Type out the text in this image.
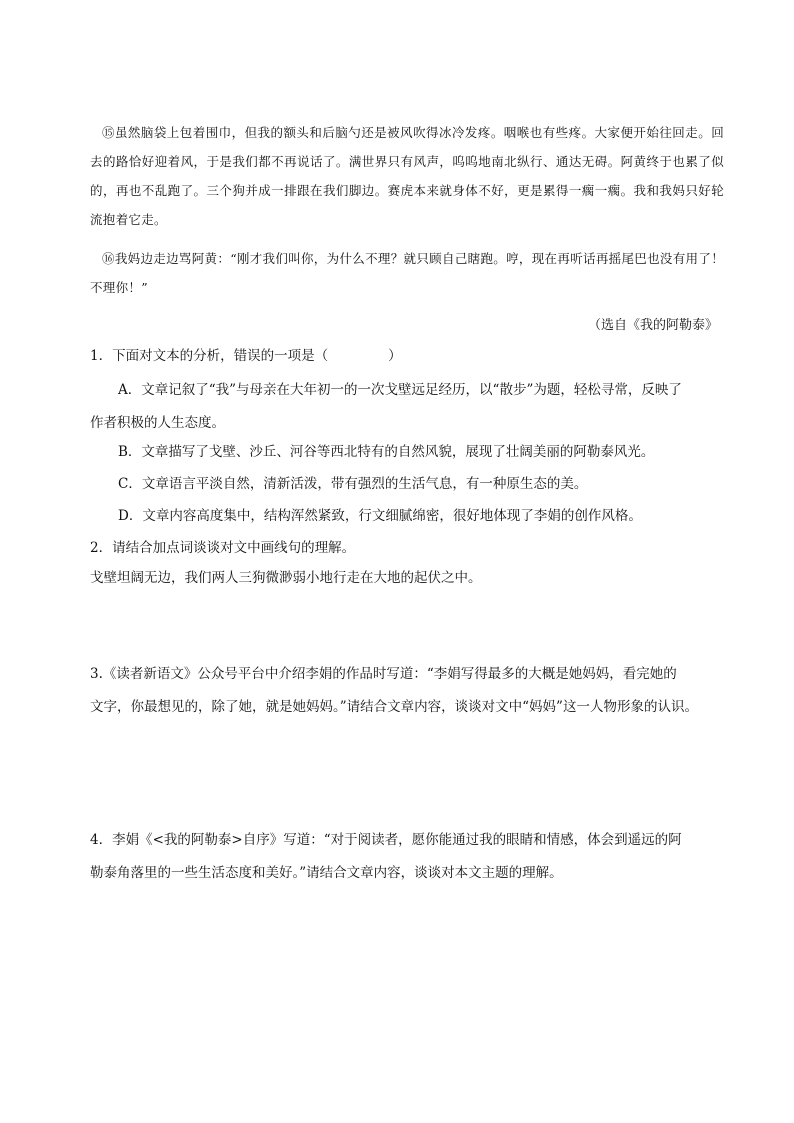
⑮虽然脑袋上包着围巾，但我的额头和后脑勺还是被风吹得冰冷发疼。咽喉也有些疼。大家便开始往回走。回去的路恰好迎着风，于是我们都不再说话了。满世界只有风声，呜呜地南北纵行、通达无碍。阿黄终于也累了似的，再也不乱跑了。三个狗并成一排跟在我们脚边。赛虎本来就身体不好，更是累得一瘸一瘸。我和我妈只好轮流抱着它走。
⑯我妈边走边骂阿黄：“刚才我们叫你，为什么不理？就只顾自己瞎跑。哼，现在再听话再摇尾巴也没有用了！不理你！”
（选自《我的阿勒泰》
1．下面对文本的分析，错误的一项是（	）
A．文章记叙了“我”与母亲在大年初一的一次戈壁远足经历，以“散步”为题，轻松寻常，反映了
作者积极的人生态度。
B．文章描写了戈壁、沙丘、河谷等西北特有的自然风貌，展现了壮阔美丽的阿勒泰风光。
C．文章语言平淡自然，清新活泼，带有强烈的生活气息，有一种原生态的美。
D．文章内容高度集中，结构浑然紧致，行文细腻绵密，很好地体现了李娟的创作风格。
2．请结合加点词谈谈对文中画线句的理解。
戈壁坦阔无边，我们两人三狗微渺弱小地行走在大地的起伏之中。
3.《读者新语文》公众号平台中介绍李娟的作品时写道：“李娟写得最多的大概是她妈妈，看完她的
文字，你最想见的，除了她，就是她妈妈。”请结合文章内容，谈谈对文中“妈妈”这一人物形象的认识。
4．李娟《<我的阿勒泰>自序》写道：“对于阅读者，愿你能通过我的眼睛和情感，体会到遥远的阿
勒泰角落里的一些生活态度和美好。”请结合文章内容，谈谈对本文主题的理解。
